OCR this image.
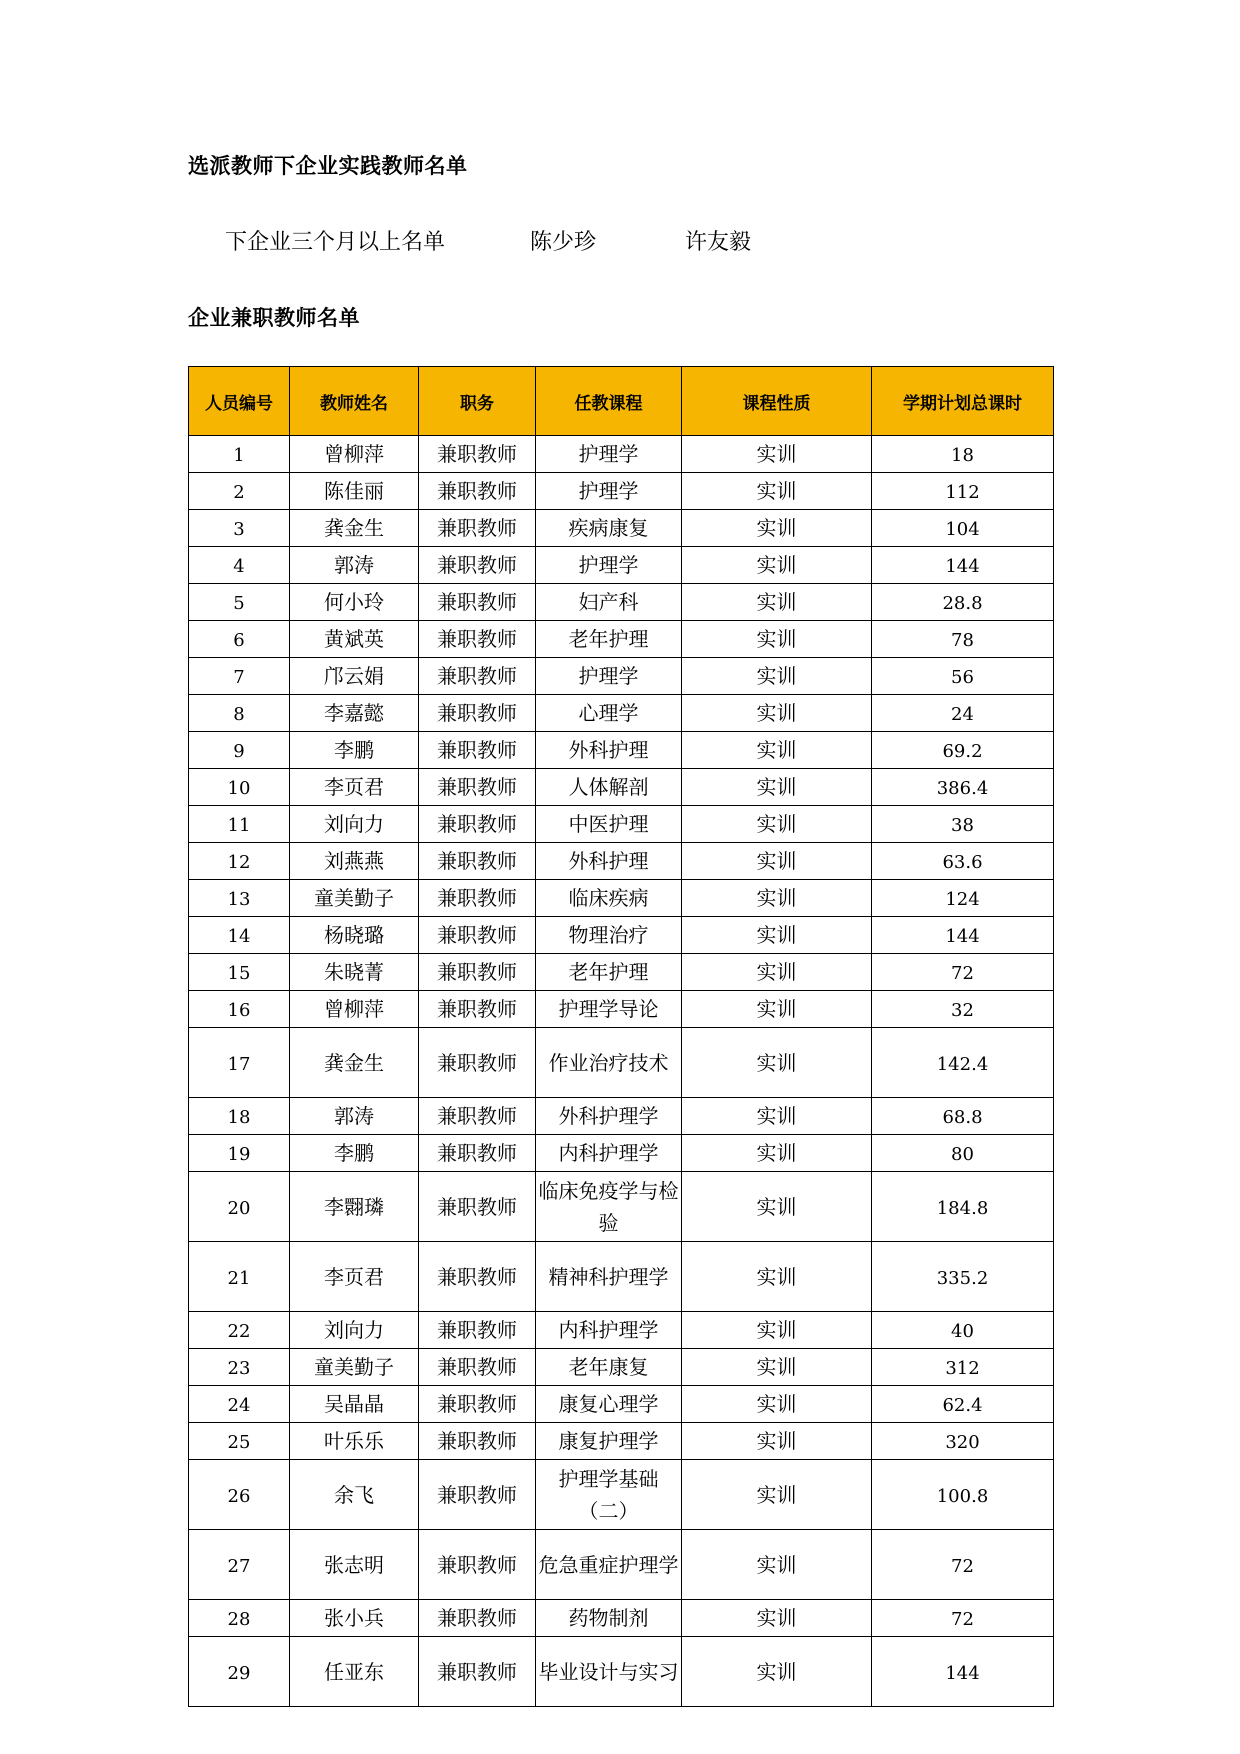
选派教师下企业实践教师名单
下企业三个月以上名单	陈少珍	许友毅
企业兼职教师名单
人员编号	教师姓名	职务	任教课程	课程性质	学期计划总课时
1	曾柳萍	兼职教师	护理学	实训	18
2	陈佳丽	兼职教师	护理学	实训	112
3	龚金生	兼职教师	疾病康复	实训	104
4	郭涛	兼职教师	护理学	实训	144
5	何小玲	兼职教师	妇产科	实训	28.8
6	黄斌英	兼职教师	老年护理	实训	78
7	邝云娟	兼职教师	护理学	实训	56
8	李嘉懿	兼职教师	心理学	实训	24
9	李鹏	兼职教师	外科护理	实训	69.2
10	李页君	兼职教师	人体解剖	实训	386.4
11	刘向力	兼职教师	中医护理	实训	38
12	刘燕燕	兼职教师	外科护理	实训	63.6
13	童美勤子	兼职教师	临床疾病	实训	124
14	杨晓璐	兼职教师	物理治疗	实训	144
15	朱晓菁	兼职教师	老年护理	实训	72
16	曾柳萍	兼职教师	护理学导论	实训	32
17	龚金生	兼职教师	作业治疗技术	实训	142.4
18	郭涛	兼职教师	外科护理学	实训	68.8
19	李鹏	兼职教师	内科护理学	实训	80
20	李翾璘	兼职教师	临床免疫学与检验	实训	184.8
21	李页君	兼职教师	精神科护理学	实训	335.2
22	刘向力	兼职教师	内科护理学	实训	40
23	童美勤子	兼职教师	老年康复	实训	312
24	吴晶晶	兼职教师	康复心理学	实训	62.4
25	叶乐乐	兼职教师	康复护理学	实训	320
26	余飞	兼职教师	护理学基础（二）	实训	100.8
27	张志明	兼职教师	危急重症护理学	实训	72
28	张小兵	兼职教师	药物制剂	实训	72
29	任亚东	兼职教师	毕业设计与实习	实训	144
